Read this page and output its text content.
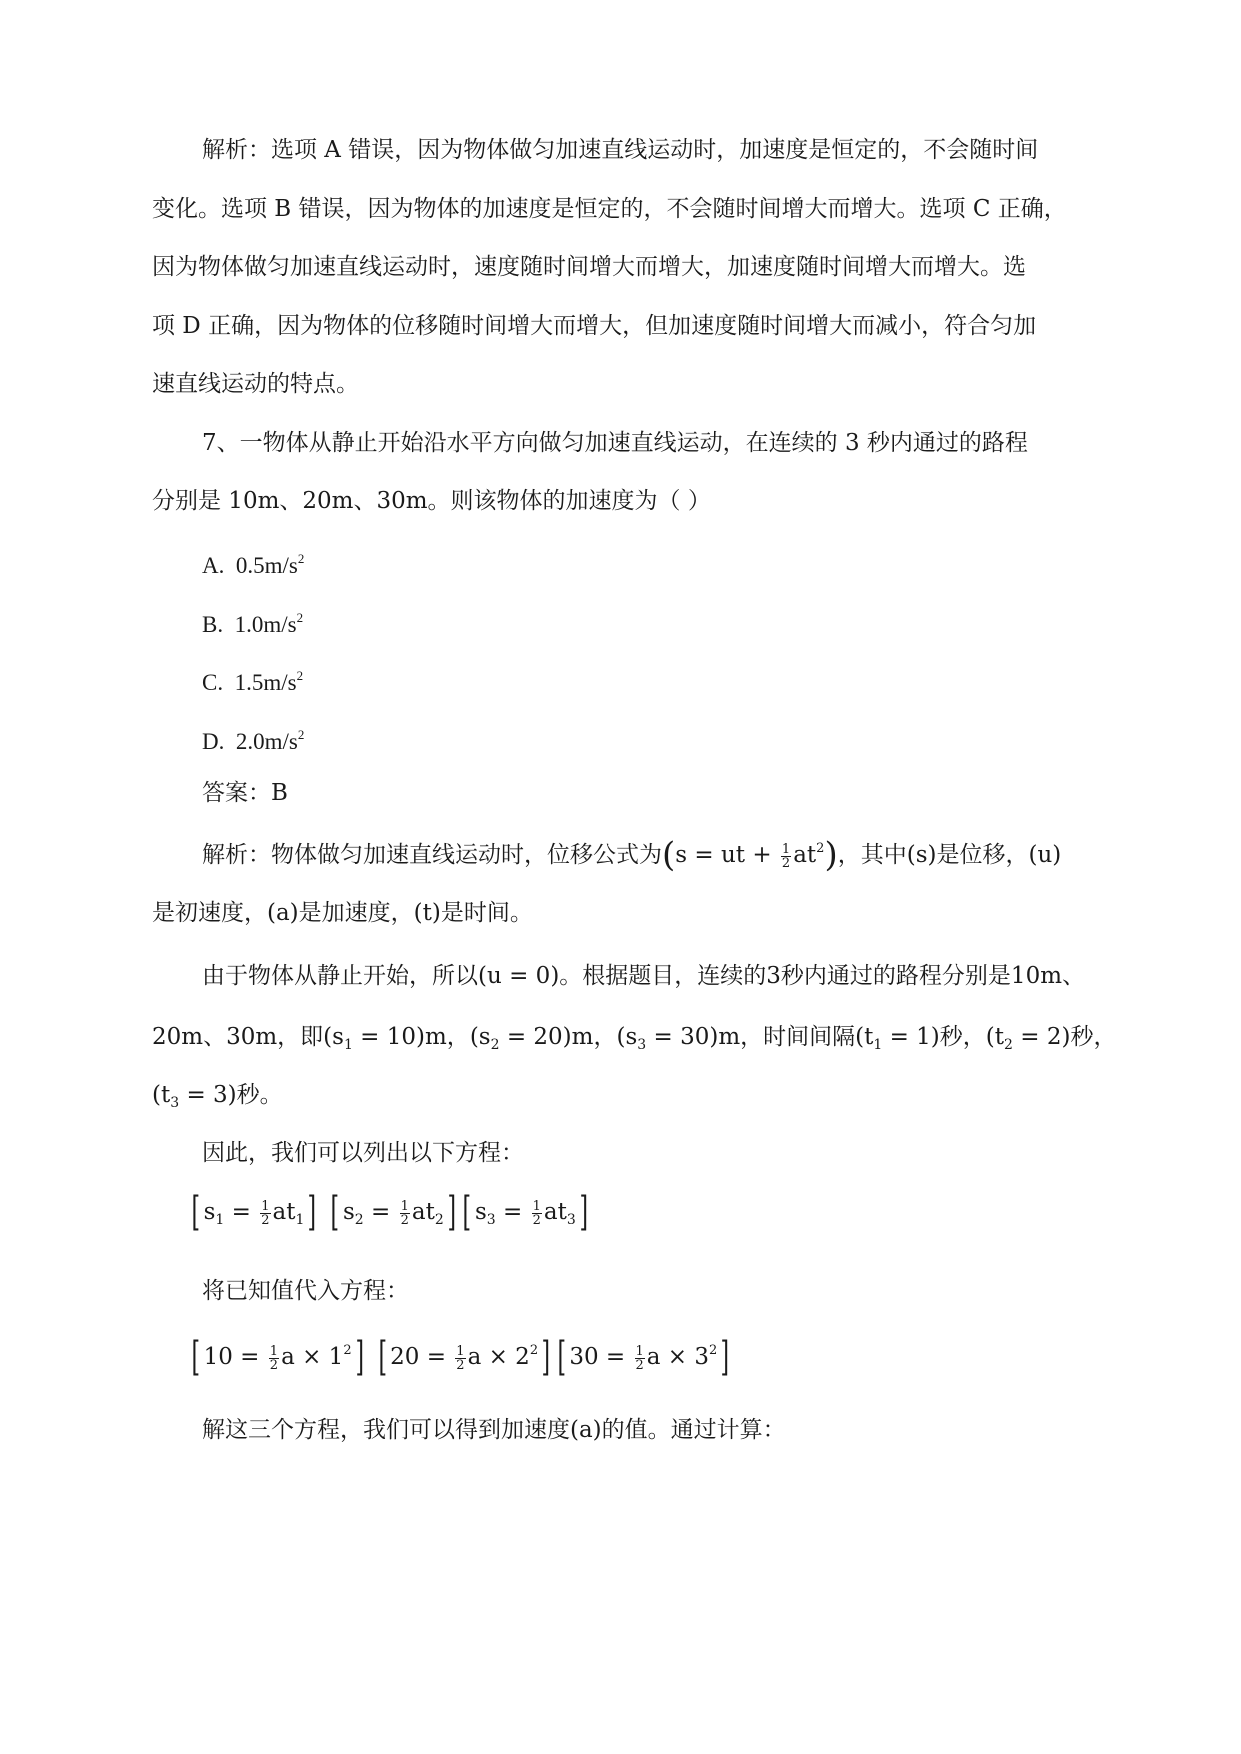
解析：选项 A 错误，因为物体做匀加速直线运动时，加速度是恒定的，不会随时间
变化。选项 B 错误，因为物体的加速度是恒定的，不会随时间增大而增大。选项 C 正确，
因为物体做匀加速直线运动时，速度随时间增大而增大，加速度随时间增大而增大。选
项 D 正确，因为物体的位移随时间增大而增大，但加速度随时间增大而减小，符合匀加
速直线运动的特点。
7、一物体从静止开始沿水平方向做匀加速直线运动，在连续的 3 秒内通过的路程
分别是 10m、20m、30m。则该物体的加速度为（ ）
A. $0.5m/s^2$
B. $1.0m/s^2$
C. $1.5m/s^2$
D. $2.0m/s^2$
答案：B
解析：物体做匀加速直线运动时，位移公式为(s = ut + $\frac{1}{2} at^2$)，其中(s)是位移，(u)
是初速度，(a)是加速度，(t)是时间。
由于物体从静止开始，所以(u = 0)。根据题目，连续的3秒内通过的路程分别是10m、
20m、30m，即$(s_1 = 10)m$，$(s_2 = 20)m$，$(s_3 = 30)m$，时间间隔$(t_1 = 1)$秒，$(t_2 = 2)$秒，
$(t_3 = 3)$秒。
因此，我们可以列出以下方程：
[ $s_1 = \frac{1}{2} at_1$] [ $s_2 = \frac{1}{2} at_2$] [ $s_3 = \frac{1}{2} at_3$]
将已知值代入方程：
[ $10 = \frac{1}{2}$ $a \times 1^2$] [ $20 = \frac{1}{2}$ $a \times 2^2$] [ $30 = \frac{1}{2}$ $a \times 3^2$]
解这三个方程，我们可以得到加速度(a)的值。通过计算：
